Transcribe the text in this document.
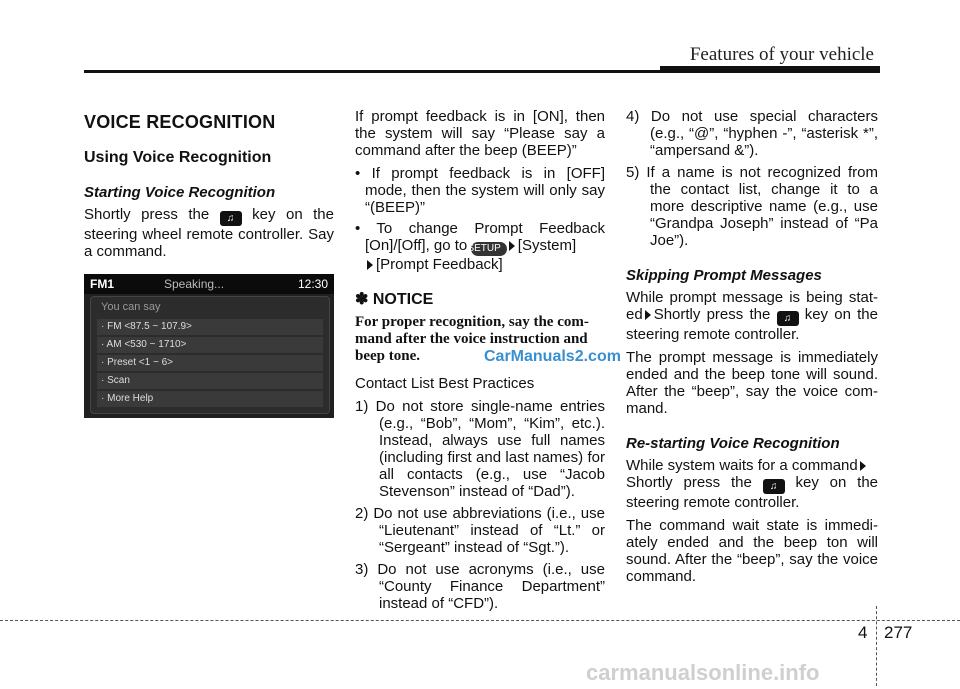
Features of your vehicle
VOICE RECOGNITION
Using Voice Recognition
Starting Voice Recognition

Shortly press the ♫ key on the steering wheel remote controller. Say a command.

FM1	Speaking...	12:30
You can say
· FM <87.5 ~ 107.9>
· AM <530 ~ 1710>
· Preset <1 ~ 6>
· Scan
· More Help

If prompt feedback is in [ON], then the system will say “Please say a command after the beep (BEEP)”

• If prompt feedback is in [OFF] mode, then the system will only say “(BEEP)”

• To change Prompt Feedback [On]/[Off], go to SETUP [System]
[Prompt Feedback]

✽ NOTICE
For proper recognition, say the com-mand after the voice instruction and beep tone.

Contact List Best Practices

1) Do not store single-name entries (e.g., “Bob”, “Mom”, “Kim”, etc.). Instead, always use full names (including first and last names) for all contacts (e.g., use “Jacob Stevenson” instead of “Dad”).

2) Do not use abbreviations (i.e., use “Lieutenant” instead of “Lt.” or “Sergeant” instead of “Sgt.”).

3) Do not use acronyms (i.e., use “County Finance Department” instead of “CFD”).

4) Do not use special characters (e.g., “@”, “hyphen -”, “asterisk *”, “ampersand &”).

5) If a name is not recognized from the contact list, change it to a more descriptive name (e.g., use “Grandpa Joseph” instead of “Pa Joe”).

Skipping Prompt Messages

While prompt message is being stat-ed Shortly press the ♫ key on the steering remote controller.

The prompt message is immediately ended and the beep tone will sound. After the “beep”, say the voice com-mand.

Re-starting Voice Recognition

While system waits for a command
Shortly press the ♫ key on the steering remote controller.

The command wait state is immedi-ately ended and the beep ton will sound. After the “beep”, say the voice command.

CarManuals2.com
4 277
carmanualsonline.info
